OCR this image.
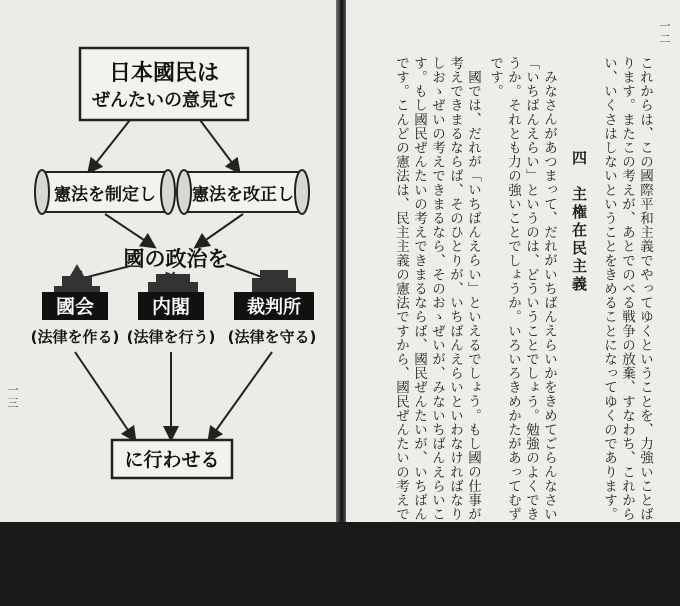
日本國民は
ぜんたいの意見で
憲法を制定し 憲法を改正し
國の政治を
國会	内閣	裁判所
(法律を作る) (法律を行う) (法律を守る)
に行わせる
一三
一二
これからは、この國際平和主義でやってゆくということを、力強いことばで書いてあ
ります。またこの考えが、あとでのべる戦争の放棄、すなわち、これからは、いっさ
い、いくさはしないということをきめることになってゆくのであります。
四　主権在民主義
みなさんがあつまって、だれがいちばんえらいかをきめてごらんなさい。いったい、
「いちばんえらい」というのは、どういうことでしょう。勉強のよくできることでしょ
うか。それとも力の強いことでしょうか。いろいろきめかたがあってむずかしいこと
です。
國では、だれが「いちばんえらい」といえるでしょう。もし國の仕事が、ひとりの
考えできまるならば、そのひとりが、いちばんえらいといわなければなりません。も
しおゝぜいの考えできまるなら、そのおゝぜいが、みないちばんえらいことになりま
す。もし國民ぜんたいの考えできまるならば、國民ぜんたいが、いちばんえらいの
です。こんどの憲法は、民主主義の憲法ですから、國民ぜんたいの考えで國を治めて
